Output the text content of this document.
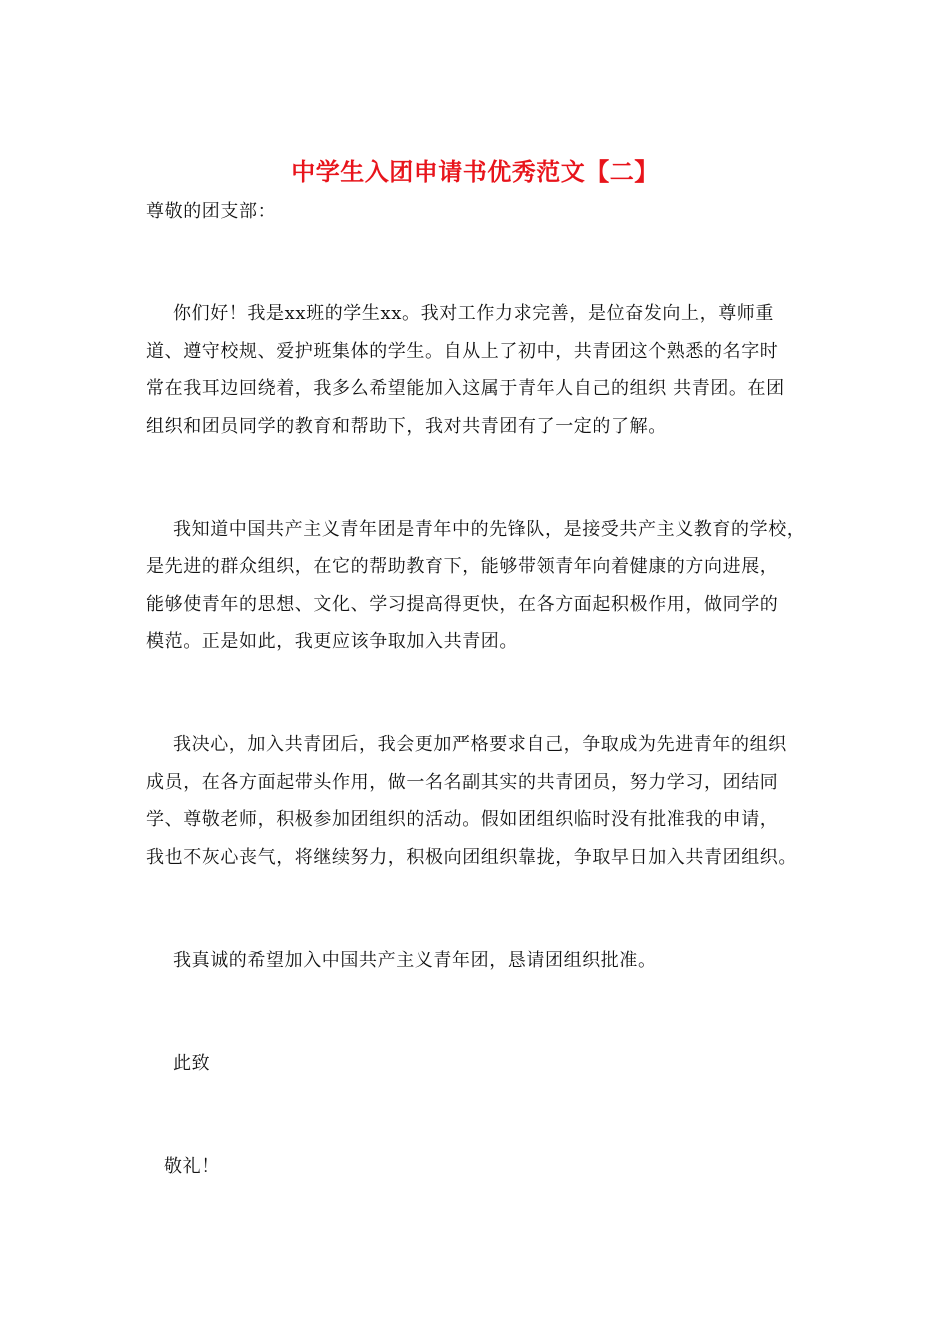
中学生入团申请书优秀范文【二】
尊敬的团支部：
你们好！我是xx班的学生xx。我对工作力求完善，是位奋发向上，尊师重
道、遵守校规、爱护班集体的学生。自从上了初中，共青团这个熟悉的名字时
常在我耳边回绕着，我多么希望能加入这属于青年人自己的组织 共青团。在团
组织和团员同学的教育和帮助下，我对共青团有了一定的了解。
我知道中国共产主义青年团是青年中的先锋队，是接受共产主义教育的学校，
是先进的群众组织，在它的帮助教育下，能够带领青年向着健康的方向进展，
能够使青年的思想、文化、学习提高得更快，在各方面起积极作用，做同学的
模范。正是如此，我更应该争取加入共青团。
我决心，加入共青团后，我会更加严格要求自己，争取成为先进青年的组织
成员，在各方面起带头作用，做一名名副其实的共青团员，努力学习，团结同
学、尊敬老师，积极参加团组织的活动。假如团组织临时没有批准我的申请，
我也不灰心丧气，将继续努力，积极向团组织靠拢，争取早日加入共青团组织。
我真诚的希望加入中国共产主义青年团，恳请团组织批准。
此致
敬礼！
